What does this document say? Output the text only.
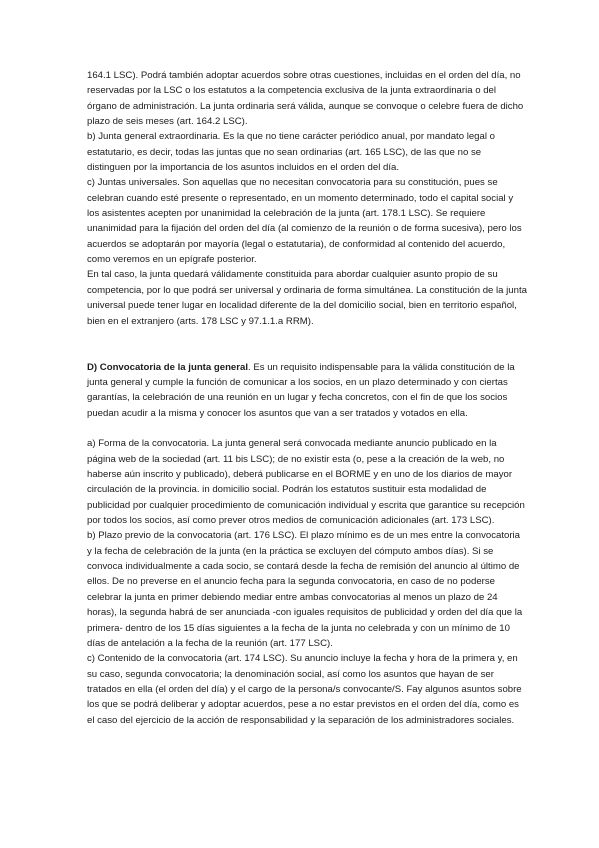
164.1 LSC). Podrá también adoptar acuerdos sobre otras cuestiones, incluidas en el orden del día, no reservadas por la LSC o los estatutos a la competencia exclusiva de la junta extraordinaria o del órgano de administración. La junta ordinaria será válida, aunque se convoque o celebre fuera de dicho plazo de seis meses (art. 164.2 LSC).

b) Junta general extraordinaria. Es la que no tiene carácter periódico anual, por mandato legal o estatutario, es decir, todas las juntas que no sean ordinarias (art. 165 LSC), de las que no se distinguen por la importancia de los asuntos incluidos en el orden del día.

c) Juntas universales. Son aquellas que no necesitan convocatoria para su constitución, pues se celebran cuando esté presente o representado, en un momento determinado, todo el capital social y los asistentes acepten por unanimidad la celebración de la junta (art. 178.1 LSC). Se requiere unanimidad para la fijación del orden del día (al comienzo de la reunión o de forma sucesiva), pero los acuerdos se adoptarán por mayoría (legal o estatutaria), de conformidad al contenido del acuerdo, como veremos en un epígrafe posterior.

En tal caso, la junta quedará válidamente constituida para abordar cualquier asunto propio de su competencia, por lo que podrá ser universal y ordinaria de forma simultánea. La constitución de la junta universal puede tener lugar en localidad diferente de la del domicilio social, bien en territorio español, bien en el extranjero (arts. 178 LSC y 97.1.1.a RRM).

D) Convocatoria de la junta general. Es un requisito indispensable para la válida constitución de la junta general y cumple la función de comunicar a los socios, en un plazo determinado y con ciertas garantías, la celebración de una reunión en un lugar y fecha concretos, con el fin de que los socios puedan acudir a la misma y conocer los asuntos que van a ser tratados y votados en ella.

a) Forma de la convocatoria. La junta general será convocada mediante anuncio publicado en la página web de la sociedad (art. 11 bis LSC); de no existir esta (o, pese a la creación de la web, no haberse aún inscrito y publicado), deberá publicarse en el BORME y en uno de los diarios de mayor circulación de la provincia. in domicilio social. Podrán los estatutos sustituir esta modalidad de publicidad por cualquier procedimiento de comunicación individual y escrita que garantice su recepción por todos los socios, así como prever otros medios de comunicación adicionales (art. 173 LSC).

b) Plazo previo de la convocatoria (art. 176 LSC). El plazo mínimo es de un mes entre la convocatoria y la fecha de celebración de la junta (en la práctica se excluyen del cómputo ambos días). Si se convoca individualmente a cada socio, se contará desde la fecha de remisión del anuncio al último de ellos. De no preverse en el anuncio fecha para la segunda convocatoria, en caso de no poderse celebrar la junta en primer debiendo mediar entre ambas convocatorias al menos un plazo de 24 horas), la segunda habrá de ser anunciada -con iguales requisitos de publicidad y orden del día que la primera- dentro de los 15 días siguientes a la fecha de la junta no celebrada y con un mínimo de 10 días de antelación a la fecha de la reunión (art. 177 LSC).

c) Contenido de la convocatoria (art. 174 LSC). Su anuncio incluye la fecha y hora de la primera y, en su caso, segunda convocatoria; la denominación social, así como los asuntos que hayan de ser tratados en ella (el orden del día) y el cargo de la persona/s convocante/S. Fay algunos asuntos sobre los que se podrá deliberar y adoptar acuerdos, pese a no estar previstos en el orden del día, como es el caso del ejercicio de la acción de responsabilidad y la separación de los administradores sociales.
